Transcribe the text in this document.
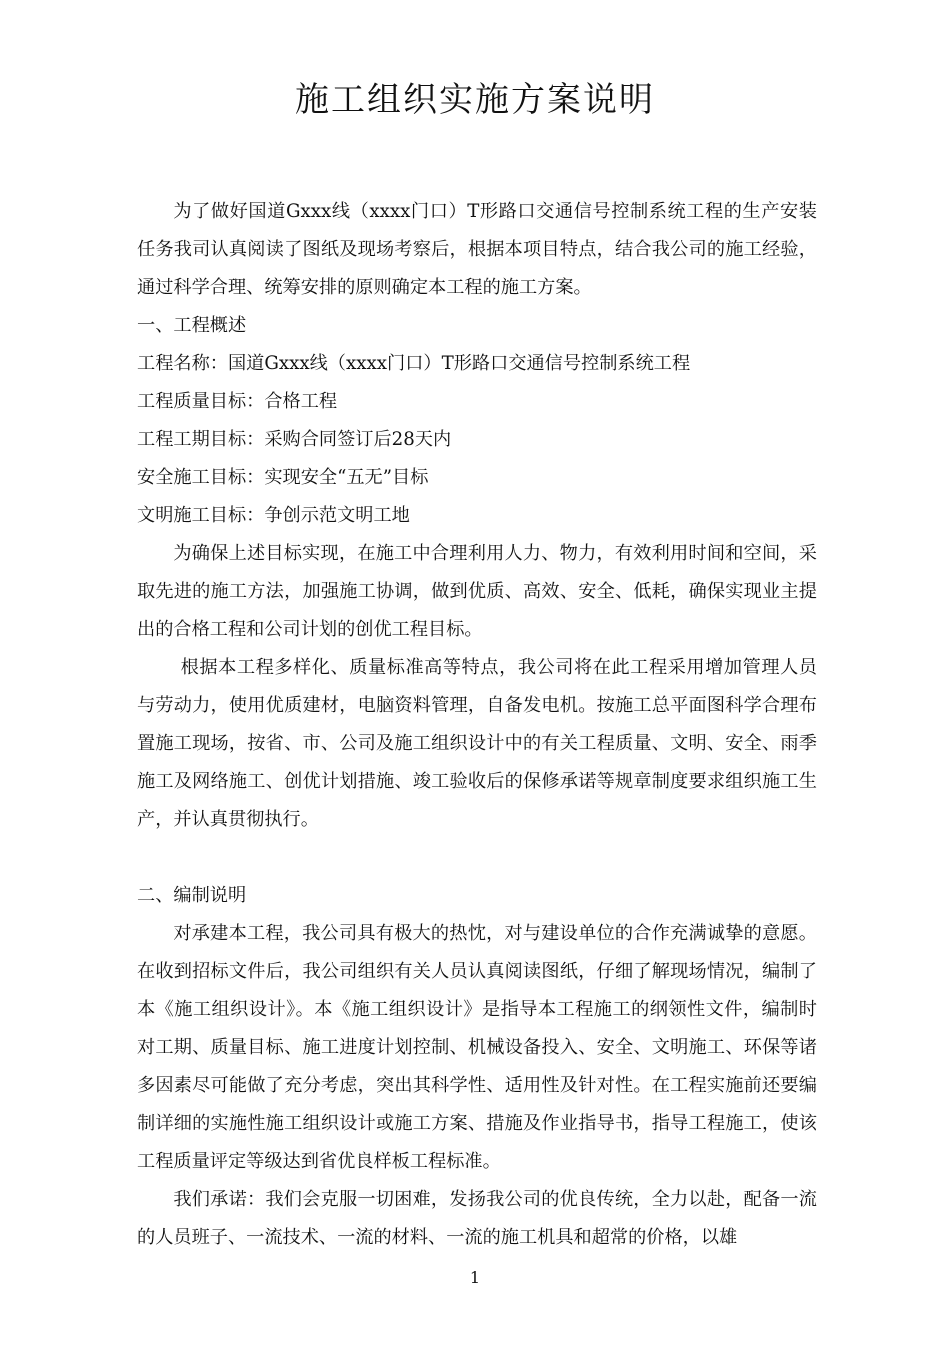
施工组织实施方案说明

为了做好国道Gxxx线（xxxx门口）T形路口交通信号控制系统工程的生产安装任务我司认真阅读了图纸及现场考察后，根据本项目特点，结合我公司的施工经验，通过科学合理、统筹安排的原则确定本工程的施工方案。

一、工程概述

工程名称：国道Gxxx线（xxxx门口）T形路口交通信号控制系统工程

工程质量目标：合格工程

工程工期目标：采购合同签订后28天内

安全施工目标：实现安全“五无”目标

文明施工目标：争创示范文明工地

为确保上述目标实现，在施工中合理利用人力、物力，有效利用时间和空间，采取先进的施工方法，加强施工协调，做到优质、高效、安全、低耗，确保实现业主提出的合格工程和公司计划的创优工程目标。

根据本工程多样化、质量标准高等特点，我公司将在此工程采用增加管理人员与劳动力，使用优质建材，电脑资料管理，自备发电机。按施工总平面图科学合理布置施工现场，按省、市、公司及施工组织设计中的有关工程质量、文明、安全、雨季施工及网络施工、创优计划措施、竣工验收后的保修承诺等规章制度要求组织施工生产，并认真贯彻执行。

二、编制说明

对承建本工程，我公司具有极大的热忱，对与建设单位的合作充满诚挚的意愿。在收到招标文件后，我公司组织有关人员认真阅读图纸，仔细了解现场情况，编制了本《施工组织设计》。本《施工组织设计》是指导本工程施工的纲领性文件，编制时对工期、质量目标、施工进度计划控制、机械设备投入、安全、文明施工、环保等诸多因素尽可能做了充分考虑，突出其科学性、适用性及针对性。在工程实施前还要编制详细的实施性施工组织设计或施工方案、措施及作业指导书，指导工程施工，使该工程质量评定等级达到省优良样板工程标准。

我们承诺：我们会克服一切困难，发扬我公司的优良传统，全力以赴，配备一流的人员班子、一流技术、一流的材料、一流的施工机具和超常的价格，以雄

1
